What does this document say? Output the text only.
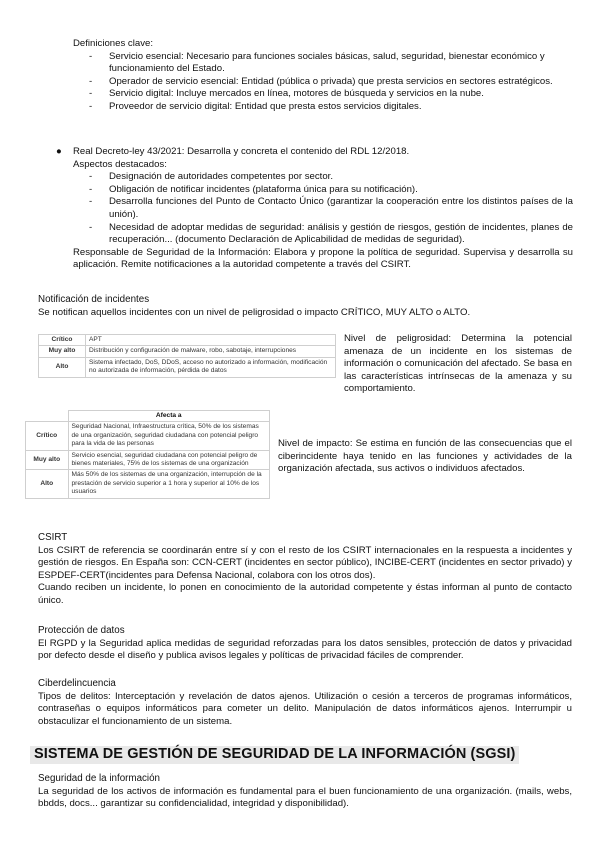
Definiciones clave:

- Servicio esencial: Necesario para funciones sociales básicas, salud, seguridad, bienestar económico y funcionamiento del Estado.
- Operador de servicio esencial: Entidad (pública o privada) que presta servicios en sectores estratégicos.
- Servicio digital: Incluye mercados en línea, motores de búsqueda y servicios en la nube.
- Proveedor de servicio digital: Entidad que presta estos servicios digitales.
● Real Decreto-ley 43/2021: Desarrolla y concreta el contenido del RDL 12/2018.

Aspectos destacados:

- Designación de autoridades competentes por sector.
- Obligación de notificar incidentes (plataforma única para su notificación).
- Desarrolla funciones del Punto de Contacto Único (garantizar la cooperación entre los distintos países de la unión).
- Necesidad de adoptar medidas de seguridad: análisis y gestión de riesgos, gestión de incidentes, planes de recuperación... (documento Declaración de Aplicabilidad de medidas de seguridad).

Responsable de Seguridad de la Información: Elabora y propone la política de seguridad. Supervisa y desarrolla su aplicación. Remite notificaciones a la autoridad competente a través del CSIRT.

Notificación de incidentes

Se notifican aquellos incidentes con un nivel de peligrosidad o impacto CRÍTICO, MUY ALTO o ALTO.

Crítico	APT
Muy alto	Distribución y configuración de malware, robo, sabotaje, interrupciones
Alto	Sistema infectado, DoS, DDoS, acceso no autorizado a información, modificación no autorizada de información, pérdida de datos

Nivel de peligrosidad: Determina la potencial amenaza de un incidente en los sistemas de información o comunicación del afectado. Se basa en las características intrínsecas de la amenaza y su comportamiento.

	Afecta a
Crítico	Seguridad Nacional, Infraestructura crítica, 50% de los sistemas de una organización, seguridad ciudadana con potencial peligro para la vida de las personas
Muy alto	Servicio esencial, seguridad ciudadana con potencial peligro de bienes materiales, 75% de los sistemas de una organización
Alto	Más 50% de los sistemas de una organización, interrupción de la prestación de servicio superior a 1 hora y superior al 10% de los usuarios

Nivel de impacto: Se estima en función de las consecuencias que el ciberincidente haya tenido en las funciones y actividades de la organización afectada, sus activos o individuos afectados.

CSIRT

Los CSIRT de referencia se coordinarán entre sí y con el resto de los CSIRT internacionales en la respuesta a incidentes y gestión de riesgos. En España son: CCN-CERT (incidentes en sector público), INCIBE-CERT (incidentes en sector privado) y ESPDEF-CERT(incidentes para Defensa Nacional, colabora con los otros dos).

Cuando reciben un incidente, lo ponen en conocimiento de la autoridad competente y éstas informan al punto de contacto único.

Protección de datos

El RGPD y la Seguridad aplica medidas de seguridad reforzadas para los datos sensibles, protección de datos y privacidad por defecto desde el diseño y publica avisos legales y políticas de privacidad fáciles de comprender.

Ciberdelincuencia

Tipos de delitos: Interceptación y revelación de datos ajenos. Utilización o cesión a terceros de programas informáticos, contraseñas o equipos informáticos para cometer un delito. Manipulación de datos informáticos ajenos. Interrumpir u obstaculizar el funcionamiento de un sistema.

SISTEMA DE GESTIÓN DE SEGURIDAD DE LA INFORMACIÓN (SGSI)

Seguridad de la información

La seguridad de los activos de información es fundamental para el buen funcionamiento de una organización. (mails, webs, bbdds, docs... garantizar su confidencialidad, integridad y disponibilidad).
